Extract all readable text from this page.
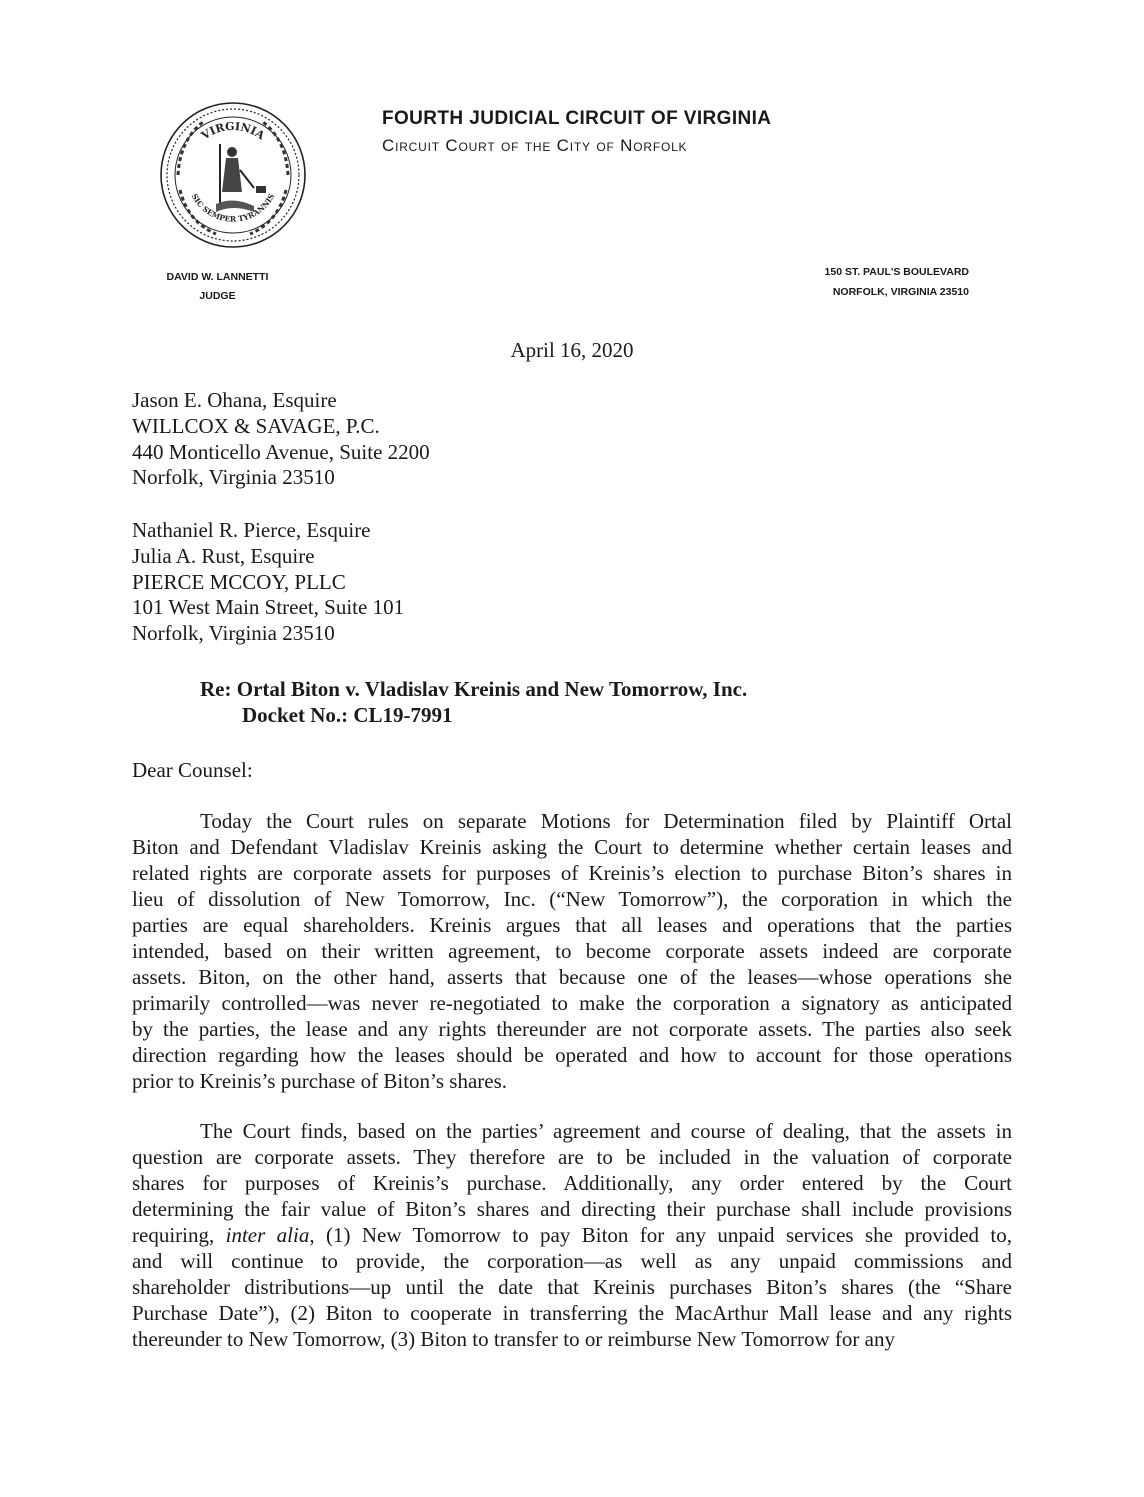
VIRGINIA
SIC SEMPER TYRANNIS
FOURTH JUDICIAL CIRCUIT OF VIRGINIA
Circuit Court of the City of Norfolk
DAVID W. LANNETTI
JUDGE
150 ST. PAUL'S BOULEVARD
NORFOLK, VIRGINIA 23510
April 16, 2020
Jason E. Ohana, Esquire
WILLCOX & SAVAGE, P.C.
440 Monticello Avenue, Suite 2200
Norfolk, Virginia 23510
Nathaniel R. Pierce, Esquire
Julia A. Rust, Esquire
PIERCE MCCOY, PLLC
101 West Main Street, Suite 101
Norfolk, Virginia 23510
Re: Ortal Biton v. Vladislav Kreinis and New Tomorrow, Inc.
Docket No.: CL19-7991
Dear Counsel:

Today the Court rules on separate Motions for Determination filed by Plaintiff Ortal Biton and Defendant Vladislav Kreinis asking the Court to determine whether certain leases and related rights are corporate assets for purposes of Kreinis’s election to purchase Biton’s shares in lieu of dissolution of New Tomorrow, Inc. (“New Tomorrow”), the corporation in which the parties are equal shareholders. Kreinis argues that all leases and operations that the parties intended, based on their written agreement, to become corporate assets indeed are corporate assets. Biton, on the other hand, asserts that because one of the leases—whose operations she primarily controlled—was never re-negotiated to make the corporation a signatory as anticipated by the parties, the lease and any rights thereunder are not corporate assets. The parties also seek direction regarding how the leases should be operated and how to account for those operations prior to Kreinis’s purchase of Biton’s shares.

The Court finds, based on the parties’ agreement and course of dealing, that the assets in question are corporate assets. They therefore are to be included in the valuation of corporate shares for purposes of Kreinis’s purchase. Additionally, any order entered by the Court determining the fair value of Biton’s shares and directing their purchase shall include provisions requiring, inter alia, (1) New Tomorrow to pay Biton for any unpaid services she provided to, and will continue to provide, the corporation—as well as any unpaid commissions and shareholder distributions—up until the date that Kreinis purchases Biton’s shares (the “Share Purchase Date”), (2) Biton to cooperate in transferring the MacArthur Mall lease and any rights thereunder to New Tomorrow, (3) Biton to transfer to or reimburse New Tomorrow for any
